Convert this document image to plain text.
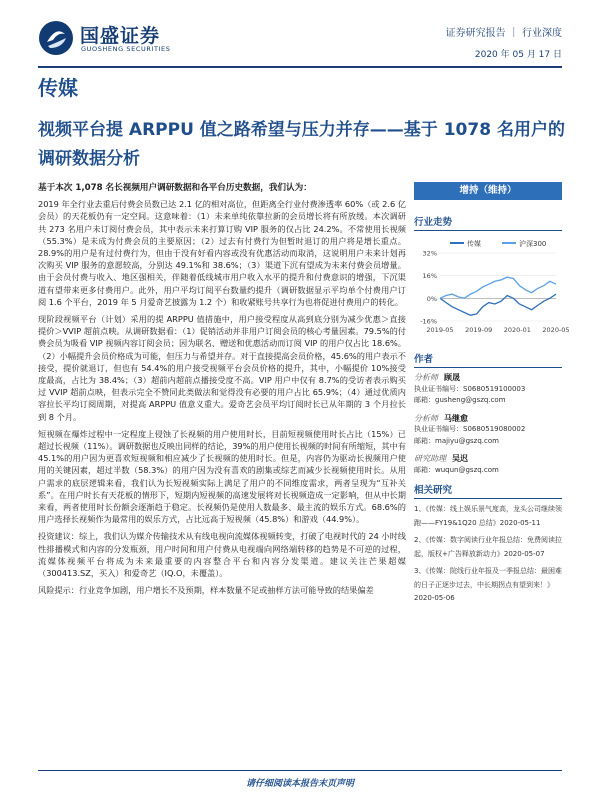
国盛证券
GUOSHENG SECURITIES
证券研究报告 ｜ 行业深度
2020 年 05 月 17 日
传媒
视频平台提 ARPPU 值之路希望与压力并存——基于 1078 名用户的调研数据分析
基于本次 1,078 名长视频用户调研数据和各平台历史数据，我们认为：
2019 年全行业去重后付费会员数已达 2.1 亿的相对高位，但距离全行业付费渗透率 60%（或 2.6 亿会员）的天花板仍有一定空间。这意味着：（1）未来单纯依靠拉新的会员增长将有所放缓。本次调研共 273 名用户未订阅付费会员，其中表示未来打算订购 VIP 服务的仅占比 24.2%。不常使用长视频（55.3%）是未成为付费会员的主要原因；（2）过去有付费行为但暂时退订的用户将是增长重点。28.9%的用户是有过付费行为，但由于没有好看内容或没有优惠活动而取消，这说明用户未来计划再次购买 VIP 服务的意愿较高，分别达 49.1%和 38.6%；（3）渠道下沉有望成为未来付费会员增量。由于会员付费与收入、地区强相关，伴随着低线城市用户收入水平的提升和付费意识的增强，下沉渠道有望带来更多付费用户。此外，用户平均订阅平台数量约提升（调研数据显示平均单个付费用户订阅 1.6 个平台，2019 年 5 月爱奇艺披露为 1.2 个）和收紧账号共享行为也将促进付费用户的转化。
现阶段视频平台（计划）采用的提 ARPPU 值措施中，用户接受程度从高到底分别为减少优惠＞直接提价＞VVIP 超前点映。从调研数据看：（1）促销活动并非用户订阅会员的核心考量因素。79.5%的付费会员为吸看 VIP 视频内容订阅会员；因为联名、赠送和优惠活动而订阅 VIP 的用户仅占比 18.6%。（2）小幅提升会员价格成为可能，但压力与希望并存。对于直接提高会员价格，45.6%的用户表示不接受，提价就退订，但也有 54.4%的用户接受视频平台会员价格的提升，其中，小幅提价 10%接受度最高，占比为 38.4%；（3）超前内超前点播接受度不高。VIP 用户中仅有 8.7%的受访者表示购买过 VVIP 超前点映，但表示完全不赞同此类做法和觉得没有必要的用户占比 65.9%；（4）通过优质内容拉长平均订阅周期，对提高 ARPPU 值意义重大。爱奇艺会员平均订阅时长已从年期的 3 个月拉长到 8 个月。
短视频在爆炸过程中一定程度上侵蚀了长视频的用户使用时长，目前短视频使用时长占比（15%）已超过长视频（11%）。调研数据也反映出同样的结论，39%的用户使用长视频的时间有所缩短，其中有 45.1%的用户因为更喜欢短视频和相应减少了长视频的使用时长。但是，内容仍为驱动长视频用户使用的关键因素，超过半数（58.3%）的用户因为没有喜欢的剧集或综艺而减少长视频使用时长。从用户需求的底层逻辑来看，我们认为长短视频实际上满足了用户的不同维度需求，两者呈现为“互补关系”。在用户时长有天花板的情形下，短期内短视频的高速发展将对长视频造成一定影响，但从中长期来看，两者使用时长份额会逐渐趋于稳定。长视频仍是使用人数最多、最主流的娱乐方式。68.6%的用户选择长视频作为最常用的娱乐方式，占比远高于短视频（45.8%）和游戏（44.9%）。
投资建议：综上，我们认为媒介传输技术从有线电视向流媒体视频转变，打破了电视时代的 24 小时线性排播模式和内容的分发瓶颈，用户时间和用户付费从电视端向网络端转移的趋势是不可逆的过程，流媒体视频平台将成为未来最重要的内容整合平台和内容分发渠道。建议关注芒果超媒（300413.SZ，买入）和爱奇艺（IQ.O，未覆盖）。
风险提示：行业竞争加剧，用户增长不及预期，样本数量不足或抽样方法可能导致的结果偏差
增持（维持）
行业走势
传媒	沪深300
32%
16%
0%
-16%
2019-05 2019-09 2020-01 2020-05
作者
分析师 顾晟
执业证书编号：S0680519100003
邮箱：gusheng@gszq.com
分析师 马继愈
执业证书编号：S0680519080002
邮箱：majiyu@gszq.com
研究助理 吴迟
邮箱：wuqun@gszq.com
相关研究
1、《传媒：线上娱乐景气度高，龙头公司继续领跑——FY19&1Q20 总结》2020-05-11
2、《传媒：数字阅读行业年报总结：免费阅读拉起，版权+广告释放新动力》2020-05-07
3、《传媒：院线行业年报及一季报总结：最困难的日子正逐步过去，中长期拐点有望到来！》2020-05-06
请仔细阅读本报告末页声明
